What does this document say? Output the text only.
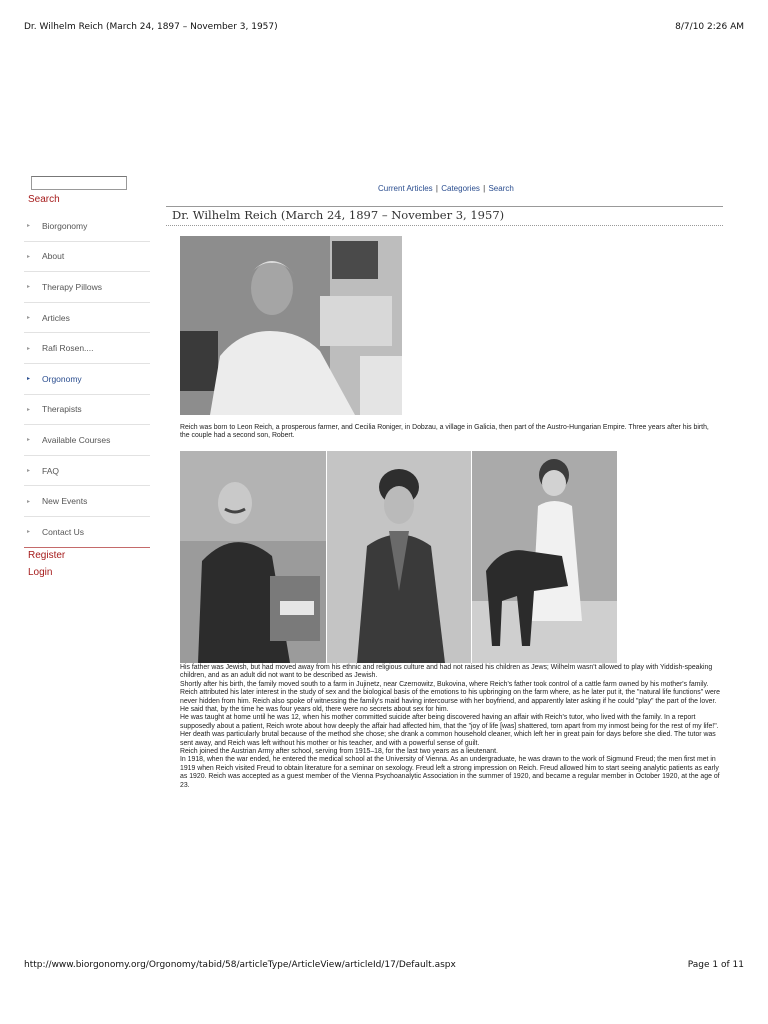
Dr. Wilhelm Reich (March 24, 1897 – November 3, 1957)	8/7/10 2:26 AM
Search
▸	Biorgonomy
▸	About
▸	Therapy Pillows
▸	Articles
▸	Rafi Rosen....
▸	Orgonomy
▸	Therapists
▸	Available Courses
▸	FAQ
▸	New Events
▸	Contact Us
Register
Login
Current Articles | Categories | Search
Dr. Wilhelm Reich (March 24, 1897 – November 3, 1957)
Reich was born to Leon Reich, a prosperous farmer, and Cecilia Roniger, in Dobzau, a village in Galicia, then part of the Austro-Hungarian Empire. Three years after his birth, the couple had a second son, Robert.

His father was Jewish, but had moved away from his ethnic and religious culture and had not raised his children as Jews; Wilhelm wasn't allowed to play with Yiddish-speaking children, and as an adult did not want to be described as Jewish.

Shortly after his birth, the family moved south to a farm in Jujinetz, near Czernowitz, Bukovina, where Reich's father took control of a cattle farm owned by his mother's family. Reich attributed his later interest in the study of sex and the biological basis of the emotions to his upbringing on the farm where, as he later put it, the "natural life functions" were never hidden from him. Reich also spoke of witnessing the family's maid having intercourse with her boyfriend, and apparently later asking if he could "play" the part of the lover. He said that, by the time he was four years old, there were no secrets about sex for him.

He was taught at home until he was 12, when his mother committed suicide after being discovered having an affair with Reich's tutor, who lived with the family. In a report supposedly about a patient, Reich wrote about how deeply the affair had affected him, that the "joy of life [was] shattered, torn apart from my inmost being for the rest of my life!".

Her death was particularly brutal because of the method she chose; she drank a common household cleaner, which left her in great pain for days before she died. The tutor was sent away, and Reich was left without his mother or his teacher, and with a powerful sense of guilt.

Reich joined the Austrian Army after school, serving from 1915–18, for the last two years as a lieutenant.

In 1918, when the war ended, he entered the medical school at the University of Vienna. As an undergraduate, he was drawn to the work of Sigmund Freud; the men first met in 1919 when Reich visited Freud to obtain literature for a seminar on sexology. Freud left a strong impression on Reich. Freud allowed him to start seeing analytic patients as early as 1920. Reich was accepted as a guest member of the Vienna Psychoanalytic Association in the summer of 1920, and became a regular member in October 1920, at the age of 23.

http://www.biorgonomy.org/Orgonomy/tabid/58/articleType/ArticleView/articleId/17/Default.aspx	Page 1 of 11
